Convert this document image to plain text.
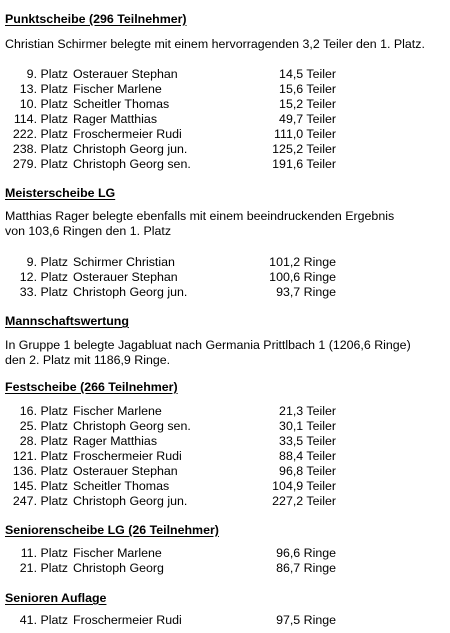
Punktscheibe (296 Teilnehmer)
Christian Schirmer belegte mit einem hervorragenden 3,2 Teiler den 1. Platz.
9. Platz Osterauer Stephan	14,5 Teiler
13. Platz Fischer Marlene	15,6 Teiler
10. Platz Scheitler Thomas	15,2 Teiler
114. Platz Rager Matthias	49,7 Teiler
222. Platz Froschermeier Rudi	111,0 Teiler
238. Platz Christoph Georg jun.	125,2 Teiler
279. Platz Christoph Georg sen.	191,6 Teiler
Meisterscheibe LG
Matthias Rager belegte ebenfalls mit einem beeindruckenden Ergebnis
von 103,6 Ringen den 1. Platz
9. Platz Schirmer Christian	101,2 Ringe
12. Platz Osterauer Stephan	100,6 Ringe
33. Platz Christoph Georg jun.	93,7 Ringe
Mannschaftswertung
In Gruppe 1 belegte Jagabluat nach Germania Prittlbach 1 (1206,6 Ringe)
den 2. Platz mit 1186,9 Ringe.
Festscheibe (266 Teilnehmer)
16. Platz Fischer Marlene	21,3 Teiler
25. Platz Christoph Georg sen.	30,1 Teiler
28. Platz Rager Matthias	33,5 Teiler
121. Platz Froschermeier Rudi	88,4 Teiler
136. Platz Osterauer Stephan	96,8 Teiler
145. Platz Scheitler Thomas	104,9 Teiler
247. Platz Christoph Georg jun.	227,2 Teiler
Seniorenscheibe LG (26 Teilnehmer)
11. Platz Fischer Marlene	96,6 Ringe
21. Platz Christoph Georg	86,7 Ringe
Senioren Auflage
41. Platz Froschermeier Rudi	97,5 Ringe
